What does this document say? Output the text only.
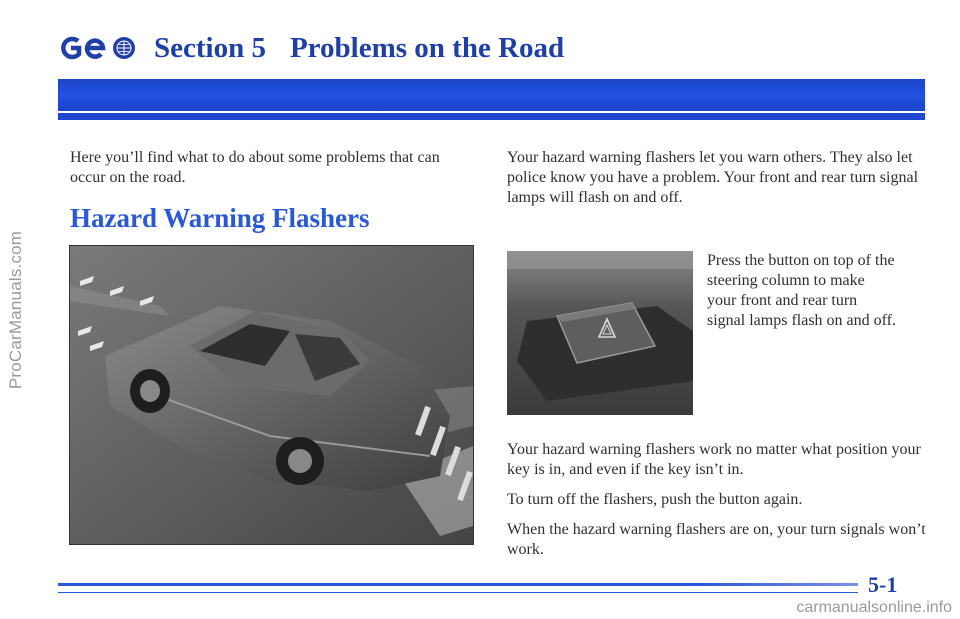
ProCarManuals.com
Section 5 Problems on the Road

Here you’ll find what to do about some problems that can occur on the road.

Hazard Warning Flashers

Your hazard warning flashers let you warn others. They also let police know you have a problem. Your front and rear turn signal lamps will flash on and off.

Press the button on top of the steering column to make your front and rear turn signal lamps flash on and off.

Your hazard warning flashers work no matter what position your key is in, and even if the key isn’t in.

To turn off the flashers, push the button again.

When the hazard warning flashers are on, your turn signals won’t work.

5-1
carmanualsonline.info
